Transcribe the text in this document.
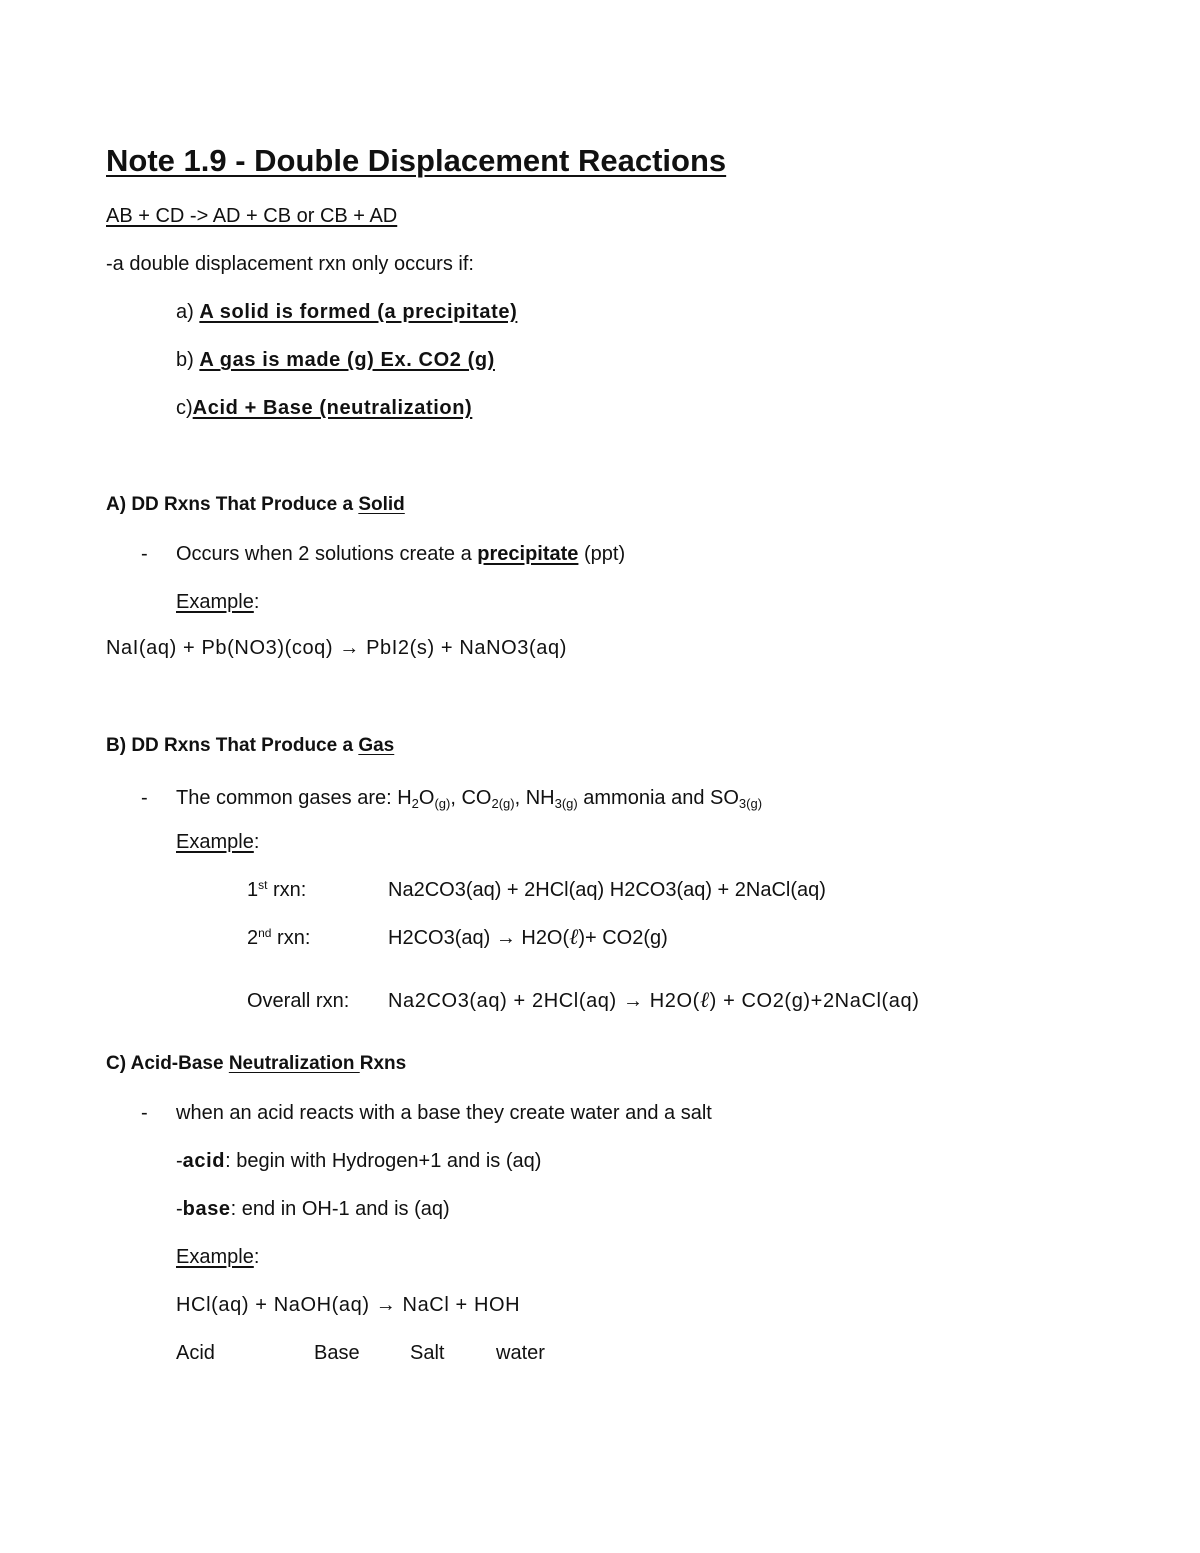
Note 1.9 - Double Displacement Reactions
AB + CD -> AD + CB or CB + AD
-a double displacement rxn only occurs if:
a) A solid is formed (a precipitate)
b) A gas is made (g) Ex. CO2 (g)
c)Acid + Base (neutralization)
A) DD Rxns That Produce a Solid
- Occurs when 2 solutions create a precipitate (ppt)
Example:
NaI(aq) + Pb(NO3)(coq) → PbI2(s) + NaNO3(aq)
B) DD Rxns That Produce a Gas
- The common gases are: $H_2O_{(g)}$, $CO_{2(g)}$, $NH_{3(g)}$ ammonia and $SO_{3(g)}$
Example:
1st rxn:	Na2CO3(aq) + 2HCl(aq) H2CO3(aq) + 2NaCl(aq)
2nd rxn:	H2CO3(aq) → H2O(ℓ)+ CO2(g)
Overall rxn: Na2CO3(aq) + 2HCl(aq) → H2O(ℓ) + CO2(g)+2NaCl(aq)
C) Acid-Base Neutralization Rxns
- when an acid reacts with a base they create water and a salt
-acid: begin with Hydrogen+1 and is (aq)
-base: end in OH-1 and is (aq)
Example:
HCl(aq) + NaOH(aq) → NaCl + HOH
Acid	Base	Salt	water
